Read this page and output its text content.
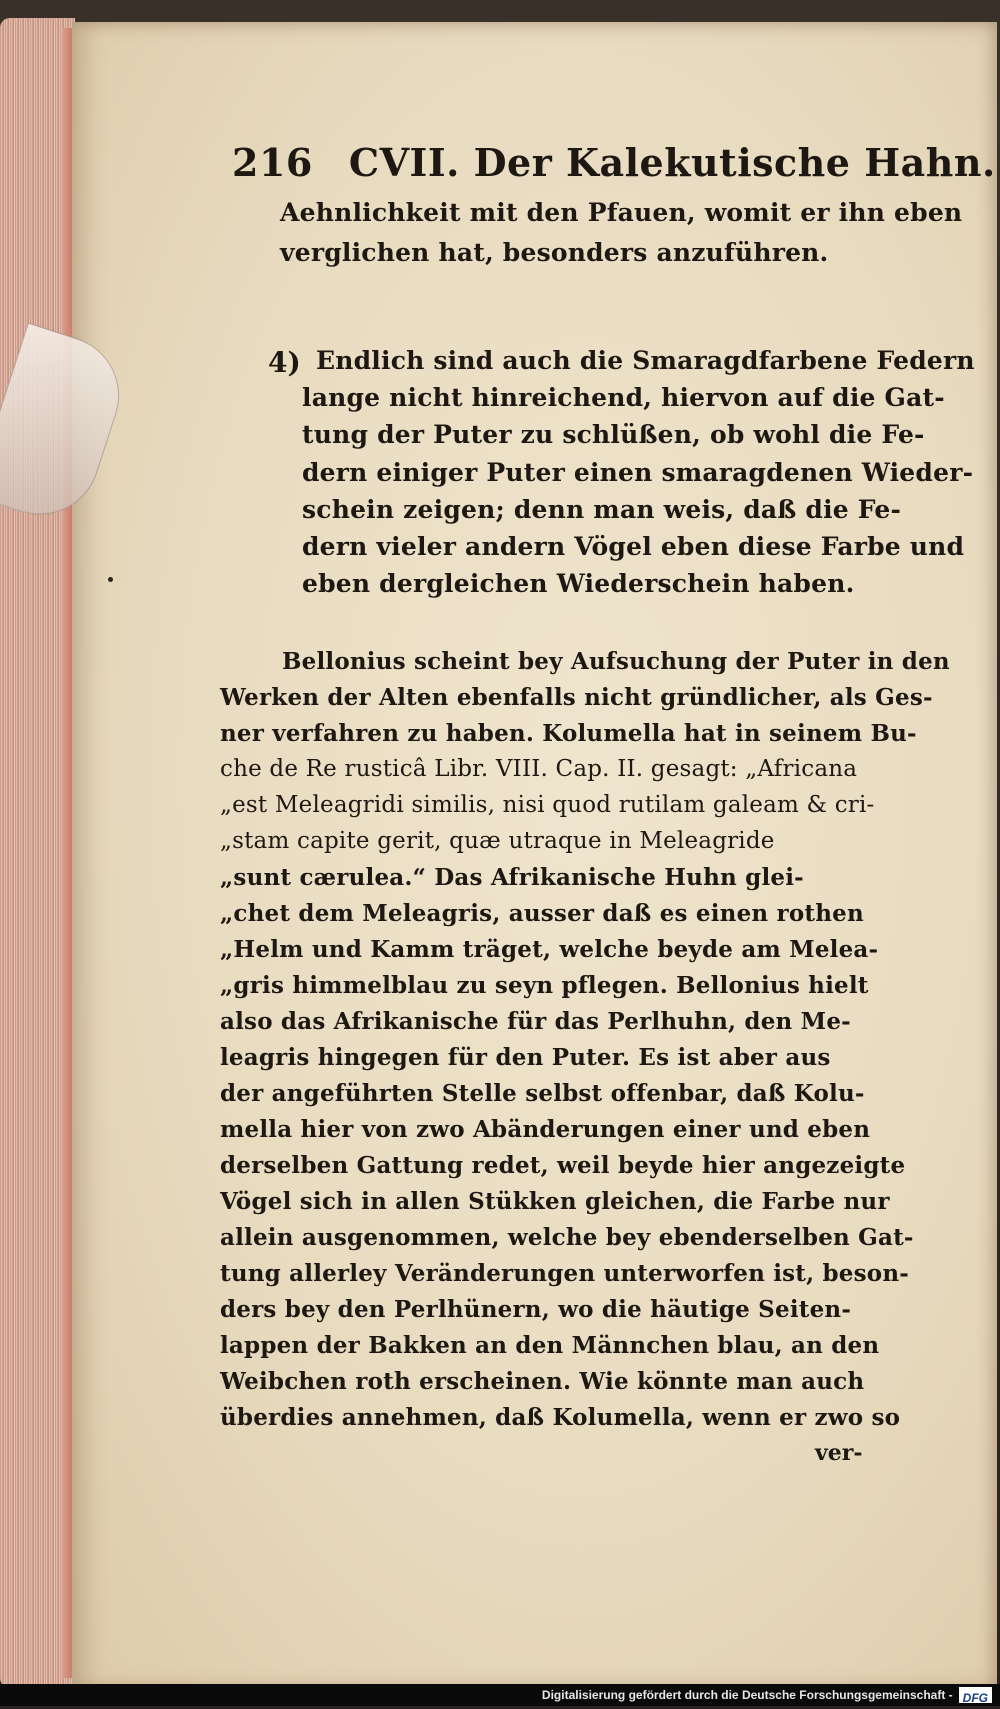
216 CVII. Der Kalekutische Hahn.
Aehnlichkeit mit den Pfauen, womit er ihn eben
verglichen hat, besonders anzuführen.
4) Endlich sind auch die Smaragdfarbene Federn
lange nicht hinreichend, hiervon auf die Gat-
tung der Puter zu schlüßen, ob wohl die Fe-
dern einiger Puter einen smaragdenen Wieder-
schein zeigen; denn man weis, daß die Fe-
dern vieler andern Vögel eben diese Farbe und
eben dergleichen Wiederschein haben.
Bellonius scheint bey Aufsuchung der Puter in den
Werken der Alten ebenfalls nicht gründlicher, als Ges-
ner verfahren zu haben. Kolumella hat in seinem Bu-
che de Re rusticâ Libr. VIII. Cap. II. gesagt: „Africana
„est Meleagridi similis, nisi quod rutilam galeam & cri-
„stam capite gerit, quæ utraque in Meleagride
„sunt cærulea.“ Das Afrikanische Huhn glei-
„chet dem Meleagris, ausser daß es einen rothen
„Helm und Kamm träget, welche beyde am Melea-
„gris himmelblau zu seyn pflegen. Bellonius hielt
also das Afrikanische für das Perlhuhn, den Me-
leagris hingegen für den Puter. Es ist aber aus
der angeführten Stelle selbst offenbar, daß Kolu-
mella hier von zwo Abänderungen einer und eben
derselben Gattung redet, weil beyde hier angezeigte
Vögel sich in allen Stükken gleichen, die Farbe nur
allein ausgenommen, welche bey ebenderselben Gat-
tung allerley Veränderungen unterworfen ist, beson-
ders bey den Perlhünern, wo die häutige Seiten-
lappen der Bakken an den Männchen blau, an den
Weibchen roth erscheinen. Wie könnte man auch
überdies annehmen, daß Kolumella, wenn er zwo so
ver-
Digitalisierung gefördert durch die Deutsche Forschungsgemeinschaft - DFG
